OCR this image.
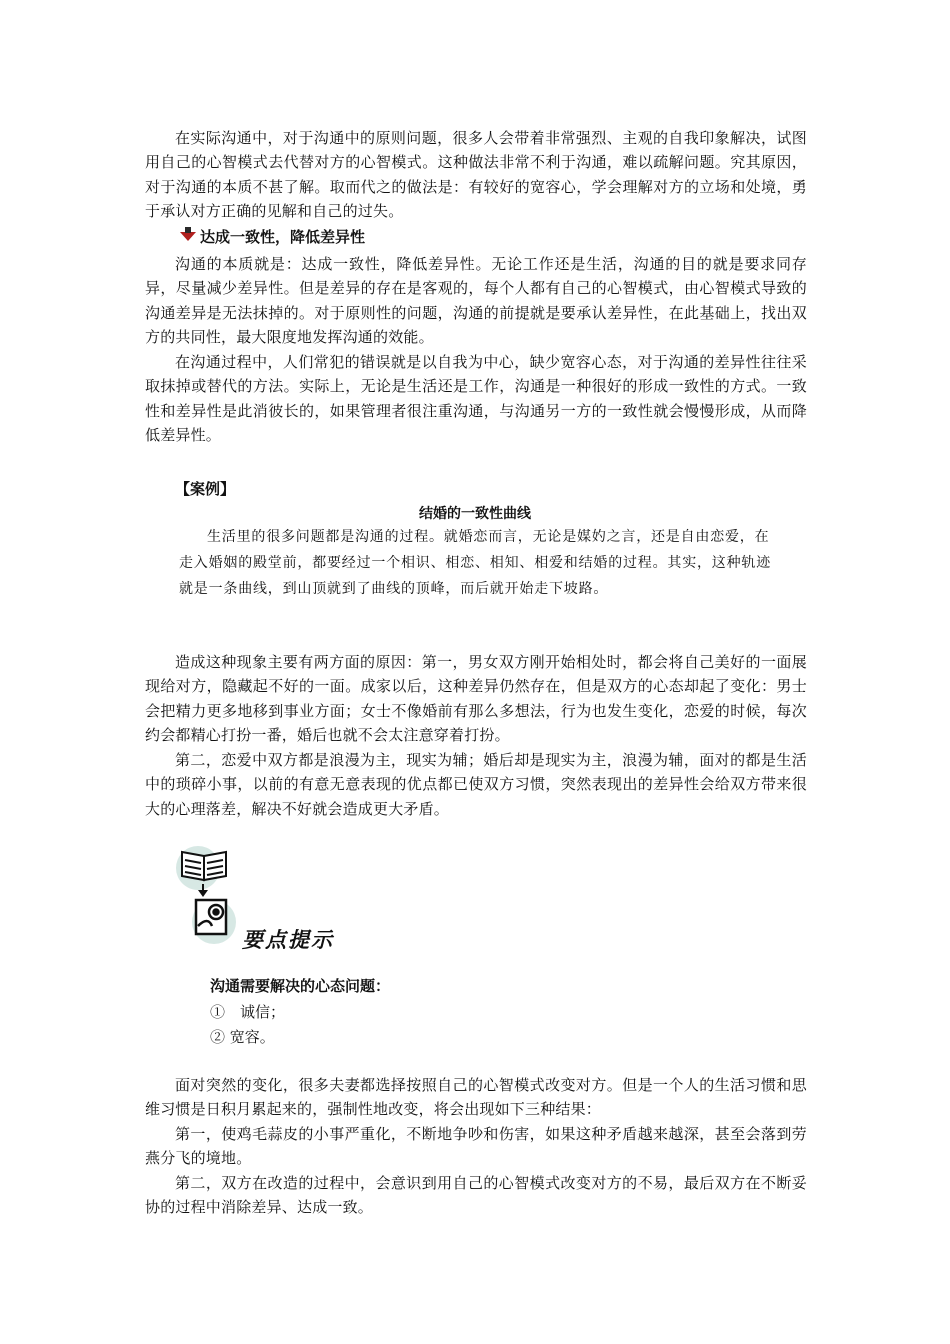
在实际沟通中，对于沟通中的原则问题，很多人会带着非常强烈、主观的自我印象解决，试图用自己的心智模式去代替对方的心智模式。这种做法非常不利于沟通，难以疏解问题。究其原因，对于沟通的本质不甚了解。取而代之的做法是：有较好的宽容心，学会理解对方的立场和处境，勇于承认对方正确的见解和自己的过失。

达成一致性，降低差异性

沟通的本质就是：达成一致性，降低差异性。无论工作还是生活，沟通的目的就是要求同存异，尽量减少差异性。但是差异的存在是客观的，每个人都有自己的心智模式，由心智模式导致的沟通差异是无法抹掉的。对于原则性的问题，沟通的前提就是要承认差异性，在此基础上，找出双方的共同性，最大限度地发挥沟通的效能。

在沟通过程中，人们常犯的错误就是以自我为中心，缺少宽容心态，对于沟通的差异性往往采取抹掉或替代的方法。实际上，无论是生活还是工作，沟通是一种很好的形成一致性的方式。一致性和差异性是此消彼长的，如果管理者很注重沟通，与沟通另一方的一致性就会慢慢形成，从而降低差异性。

【案例】
结婚的一致性曲线

生活里的很多问题都是沟通的过程。就婚恋而言，无论是媒妁之言，还是自由恋爱，在走入婚姻的殿堂前，都要经过一个相识、相恋、相知、相爱和结婚的过程。其实，这种轨迹就是一条曲线，到山顶就到了曲线的顶峰，而后就开始走下坡路。

造成这种现象主要有两方面的原因：第一，男女双方刚开始相处时，都会将自己美好的一面展现给对方，隐藏起不好的一面。成家以后，这种差异仍然存在，但是双方的心态却起了变化：男士会把精力更多地移到事业方面；女士不像婚前有那么多想法，行为也发生变化，恋爱的时候，每次约会都精心打扮一番，婚后也就不会太注意穿着打扮。

第二，恋爱中双方都是浪漫为主，现实为辅；婚后却是现实为主，浪漫为辅，面对的都是生活中的琐碎小事，以前的有意无意表现的优点都已使双方习惯，突然表现出的差异性会给双方带来很大的心理落差，解决不好就会造成更大矛盾。

要点提示
沟通需要解决的心态问题：
①　诚信；
② 宽容。

面对突然的变化，很多夫妻都选择按照自己的心智模式改变对方。但是一个人的生活习惯和思维习惯是日积月累起来的，强制性地改变，将会出现如下三种结果：

第一，使鸡毛蒜皮的小事严重化，不断地争吵和伤害，如果这种矛盾越来越深，甚至会落到劳燕分飞的境地。

第二，双方在改造的过程中，会意识到用自己的心智模式改变对方的不易，最后双方在不断妥协的过程中消除差异、达成一致。
